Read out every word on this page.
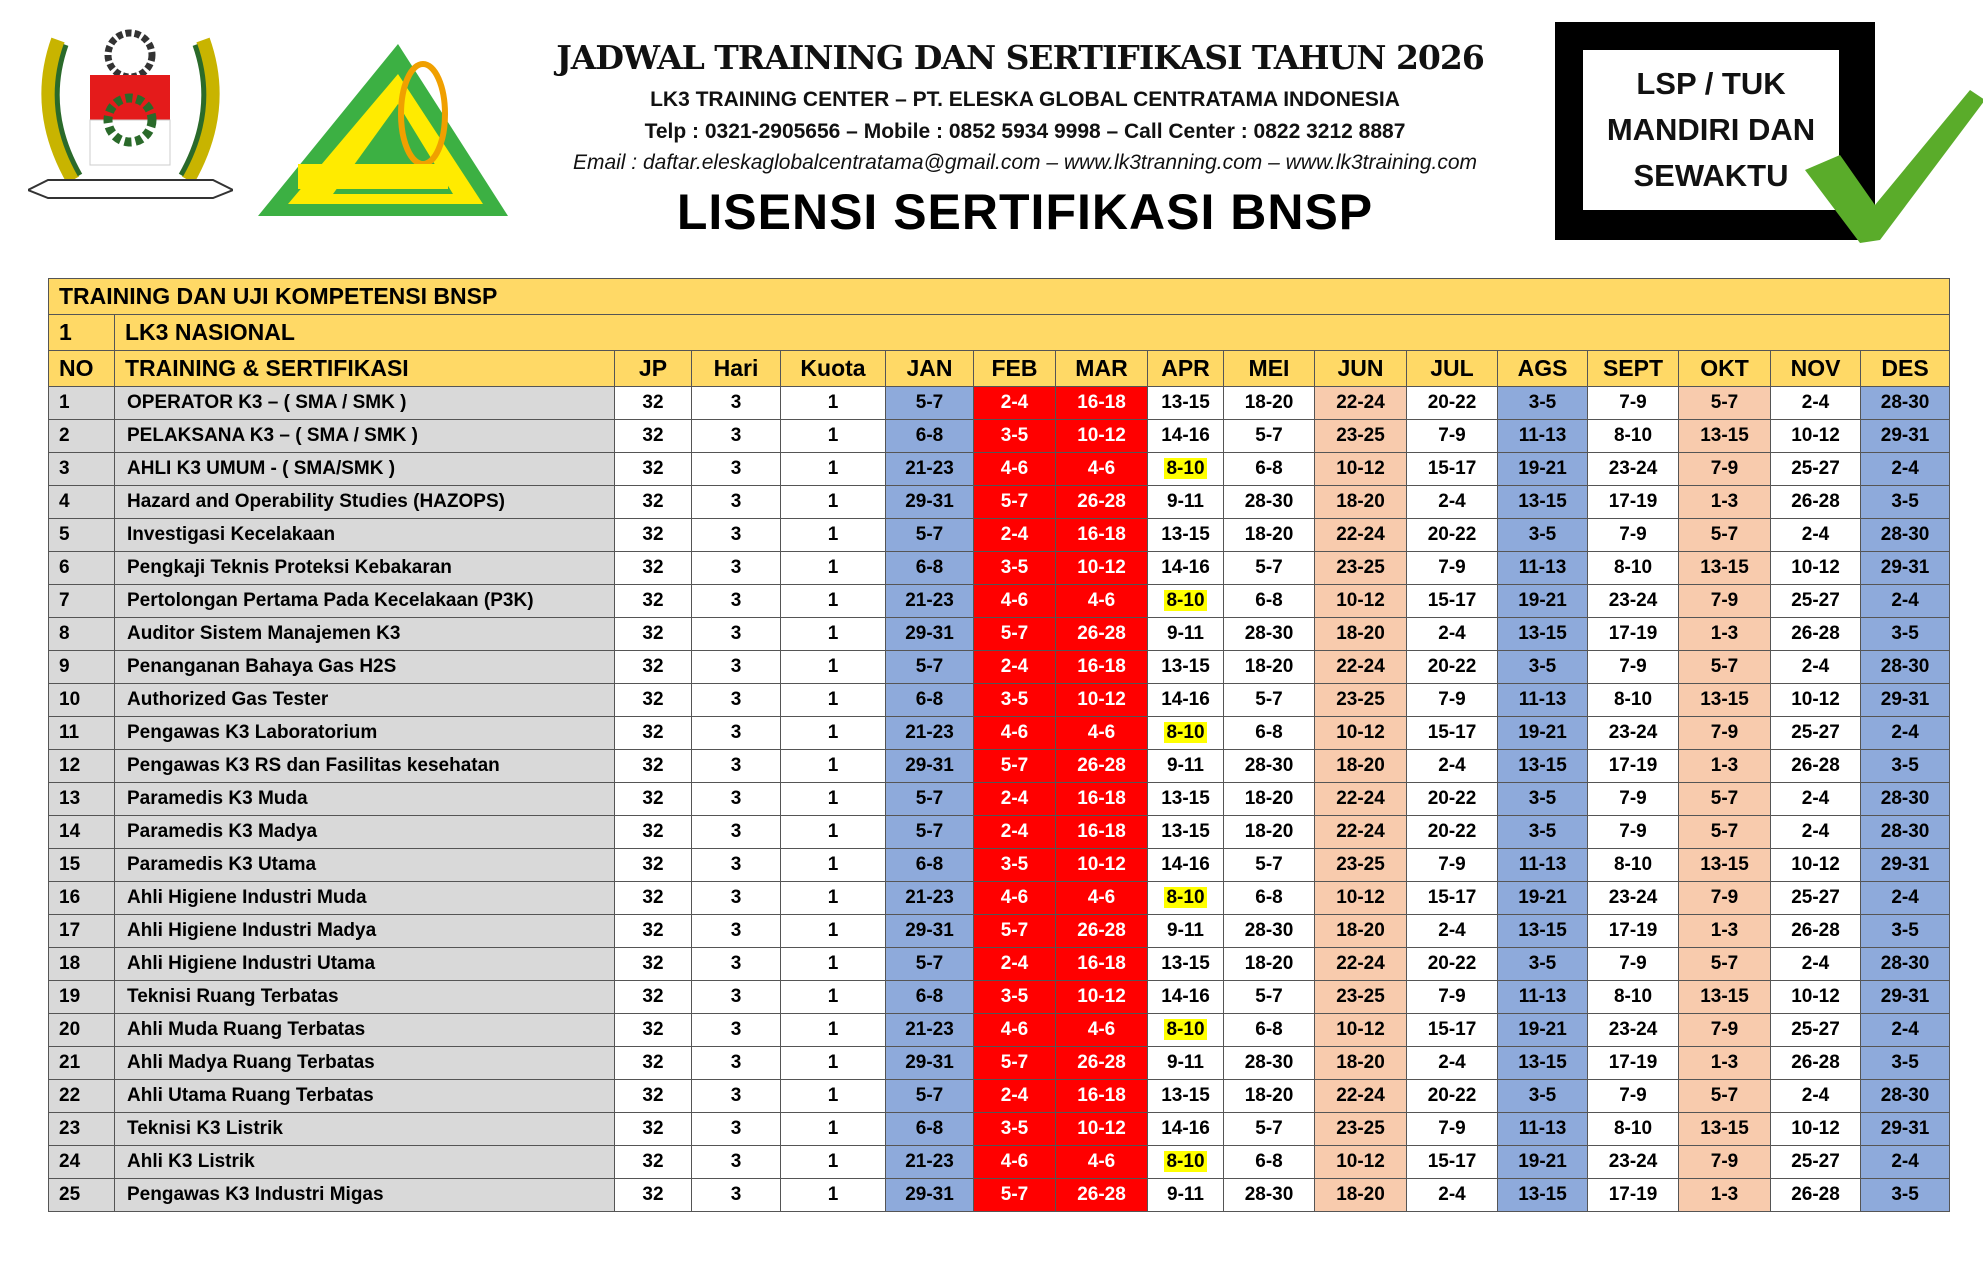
JADWAL TRAINING DAN SERTIFIKASI TAHUN 2026
LK3 TRAINING CENTER – PT. ELESKA GLOBAL CENTRATAMA INDONESIA
Telp : 0321-2905656 – Mobile : 0852 5934 9998 – Call Center : 0822 3212 8887
Email : daftar.eleskaglobalcentratama@gmail.com – www.lk3tranning.com – www.lk3training.com
LISENSI SERTIFIKASI BNSP
LSP / TUK
MANDIRI DAN
SEWAKTU
TRAINING DAN UJI KOMPETENSI BNSP																
1	LK3 NASIONAL															
NO	TRAINING & SERTIFIKASI	JP	Hari	Kuota	JAN	FEB	MAR	APR	MEI	JUN	JUL	AGS	SEPT	OKT	NOV	DES
1	OPERATOR K3 – ( SMA / SMK )	32	3	1	5-7	2-4	16-18	13-15	18-20	22-24	20-22	3-5	7-9	5-7	2-4	28-30
2	PELAKSANA K3 – ( SMA / SMK )	32	3	1	6-8	3-5	10-12	14-16	5-7	23-25	7-9	11-13	8-10	13-15	10-12	29-31
3	AHLI K3 UMUM - ( SMA/SMK )	32	3	1	21-23	4-6	4-6	8-10	6-8	10-12	15-17	19-21	23-24	7-9	25-27	2-4
4	Hazard and Operability Studies (HAZOPS)	32	3	1	29-31	5-7	26-28	9-11	28-30	18-20	2-4	13-15	17-19	1-3	26-28	3-5
5	Investigasi Kecelakaan	32	3	1	5-7	2-4	16-18	13-15	18-20	22-24	20-22	3-5	7-9	5-7	2-4	28-30
6	Pengkaji Teknis Proteksi Kebakaran	32	3	1	6-8	3-5	10-12	14-16	5-7	23-25	7-9	11-13	8-10	13-15	10-12	29-31
7	Pertolongan Pertama Pada Kecelakaan (P3K)	32	3	1	21-23	4-6	4-6	8-10	6-8	10-12	15-17	19-21	23-24	7-9	25-27	2-4
8	Auditor Sistem Manajemen K3	32	3	1	29-31	5-7	26-28	9-11	28-30	18-20	2-4	13-15	17-19	1-3	26-28	3-5
9	Penanganan Bahaya Gas H2S	32	3	1	5-7	2-4	16-18	13-15	18-20	22-24	20-22	3-5	7-9	5-7	2-4	28-30
10	Authorized Gas Tester	32	3	1	6-8	3-5	10-12	14-16	5-7	23-25	7-9	11-13	8-10	13-15	10-12	29-31
11	Pengawas K3 Laboratorium	32	3	1	21-23	4-6	4-6	8-10	6-8	10-12	15-17	19-21	23-24	7-9	25-27	2-4
12	Pengawas K3 RS dan Fasilitas kesehatan	32	3	1	29-31	5-7	26-28	9-11	28-30	18-20	2-4	13-15	17-19	1-3	26-28	3-5
13	Paramedis K3 Muda	32	3	1	5-7	2-4	16-18	13-15	18-20	22-24	20-22	3-5	7-9	5-7	2-4	28-30
14	Paramedis K3 Madya	32	3	1	5-7	2-4	16-18	13-15	18-20	22-24	20-22	3-5	7-9	5-7	2-4	28-30
15	Paramedis K3 Utama	32	3	1	6-8	3-5	10-12	14-16	5-7	23-25	7-9	11-13	8-10	13-15	10-12	29-31
16	Ahli Higiene Industri Muda	32	3	1	21-23	4-6	4-6	8-10	6-8	10-12	15-17	19-21	23-24	7-9	25-27	2-4
17	Ahli Higiene Industri Madya	32	3	1	29-31	5-7	26-28	9-11	28-30	18-20	2-4	13-15	17-19	1-3	26-28	3-5
18	Ahli Higiene Industri Utama	32	3	1	5-7	2-4	16-18	13-15	18-20	22-24	20-22	3-5	7-9	5-7	2-4	28-30
19	Teknisi Ruang Terbatas	32	3	1	6-8	3-5	10-12	14-16	5-7	23-25	7-9	11-13	8-10	13-15	10-12	29-31
20	Ahli Muda Ruang Terbatas	32	3	1	21-23	4-6	4-6	8-10	6-8	10-12	15-17	19-21	23-24	7-9	25-27	2-4
21	Ahli Madya Ruang Terbatas	32	3	1	29-31	5-7	26-28	9-11	28-30	18-20	2-4	13-15	17-19	1-3	26-28	3-5
22	Ahli Utama Ruang Terbatas	32	3	1	5-7	2-4	16-18	13-15	18-20	22-24	20-22	3-5	7-9	5-7	2-4	28-30
23	Teknisi K3 Listrik	32	3	1	6-8	3-5	10-12	14-16	5-7	23-25	7-9	11-13	8-10	13-15	10-12	29-31
24	Ahli K3 Listrik	32	3	1	21-23	4-6	4-6	8-10	6-8	10-12	15-17	19-21	23-24	7-9	25-27	2-4
25	Pengawas K3 Industri Migas	32	3	1	29-31	5-7	26-28	9-11	28-30	18-20	2-4	13-15	17-19	1-3	26-28	3-5
